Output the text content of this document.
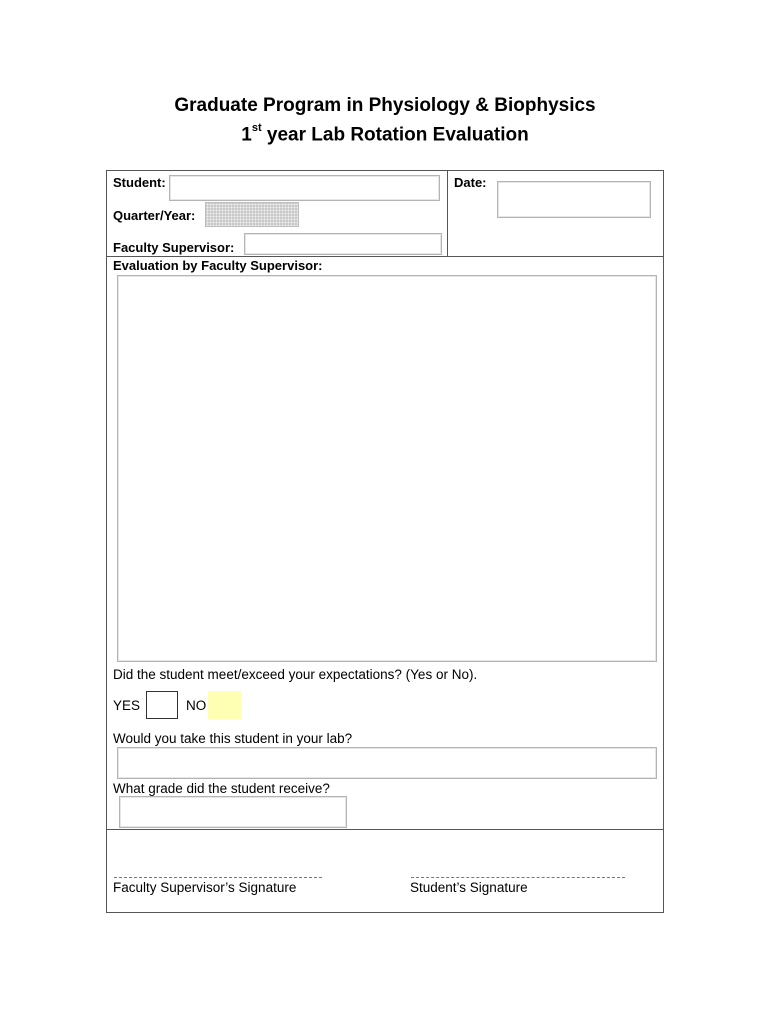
Graduate Program in Physiology & Biophysics
1st year Lab Rotation Evaluation
Student:	Date:
Quarter/Year:
Faculty Supervisor:
Evaluation by Faculty Supervisor:
Did the student meet/exceed your expectations? (Yes or No).
YES	NO
Would you take this student in your lab?
What grade did the student receive?
Faculty Supervisor’s Signature	Student’s Signature
